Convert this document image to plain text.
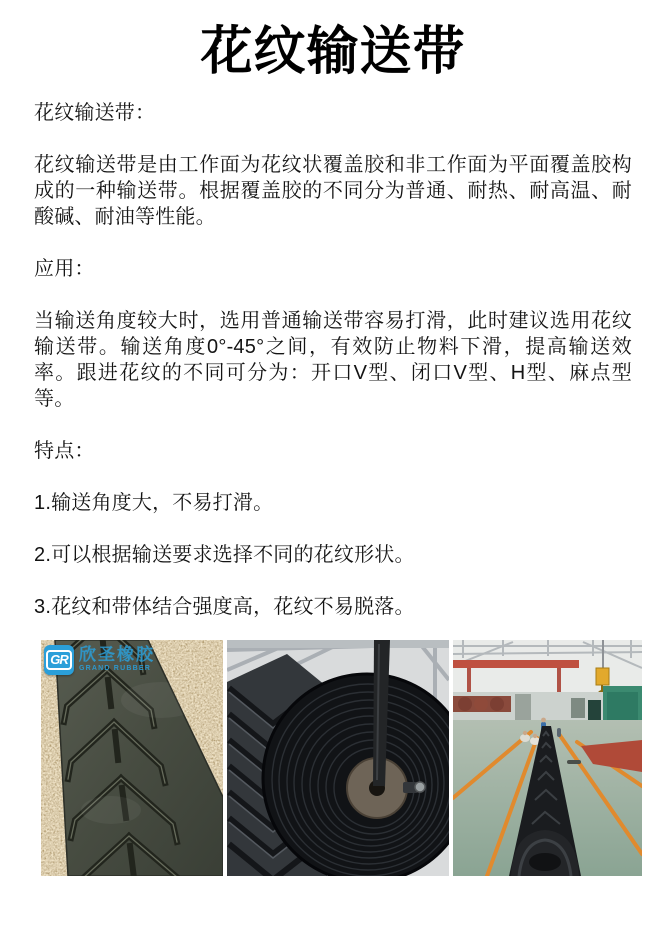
花纹输送带

花纹输送带：

花纹输送带是由工作面为花纹状覆盖胶和非工作面为平面覆盖胶构成的一种输送带。根据覆盖胶的不同分为普通、耐热、耐高温、耐酸碱、耐油等性能。

应用：

当输送角度较大时，选用普通输送带容易打滑，此时建议选用花纹输送带。输送角度0°-45°之间，有效防止物料下滑，提高输送效率。跟进花纹的不同可分为：开口V型、闭口V型、H型、麻点型等。

特点：

1.输送角度大，不易打滑。

2.可以根据输送要求选择不同的花纹形状。

3.花纹和带体结合强度高，花纹不易脱落。

GR 欣圣橡胶
GRAND RUBBER
